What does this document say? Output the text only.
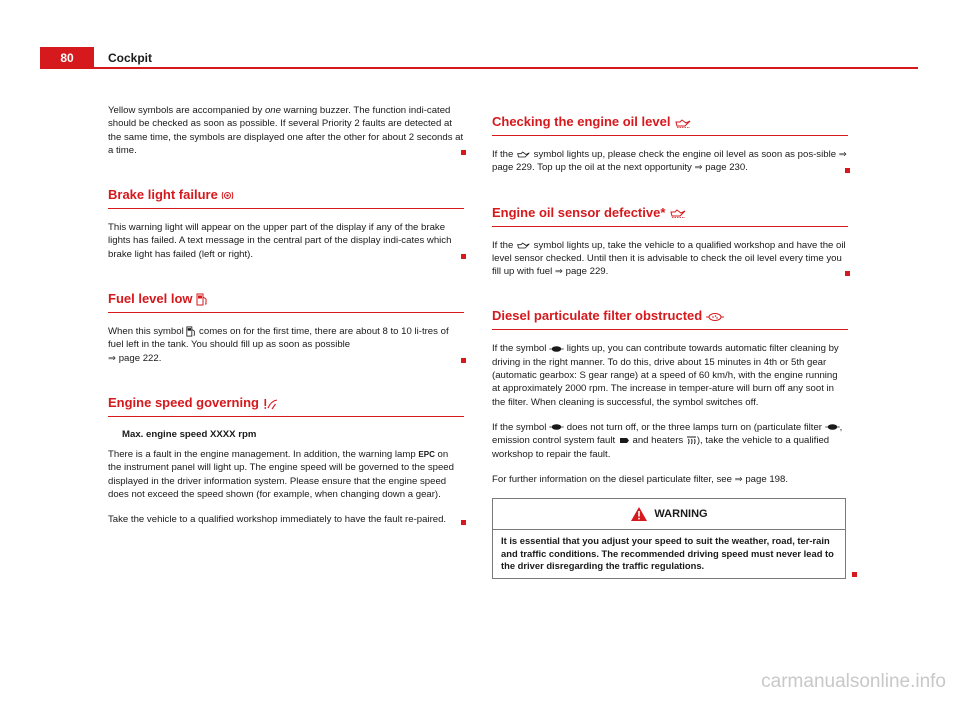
80	Cockpit

Yellow symbols are accompanied by one warning buzzer. The function indi-cated should be checked as soon as possible. If several Priority 2 faults are detected at the same time, the symbols are displayed one after the other for about 2 seconds at a time.

Brake light failure

This warning light will appear on the upper part of the display if any of the brake lights has failed. A text message in the central part of the display indi-cates which brake light has failed (left or right).

Fuel level low

When this symbol  comes on for the first time, there are about 8 to 10 li-tres of fuel left in the tank. You should fill up as soon as possible
⇒ page 222.

Engine speed governing
Max. engine speed XXXX rpm

There is a fault in the engine management. In addition, the warning lamp EPC on the instrument panel will light up. The engine speed will be governed to the speed displayed in the driver information system. Please ensure that the engine speed does not exceed the speed shown (for example, when changing down a gear).

Take the vehicle to a qualified workshop immediately to have the fault re-paired.

Checking the engine oil level

If the  symbol lights up, please check the engine oil level as soon as pos-sible ⇒ page 229. Top up the oil at the next opportunity ⇒ page 230.

Engine oil sensor defective*

If the  symbol lights up, take the vehicle to a qualified workshop and have the oil level sensor checked. Until then it is advisable to check the oil level every time you fill up with fuel ⇒ page 229.

Diesel particulate filter obstructed

If the symbol  lights up, you can contribute towards automatic filter cleaning by driving in the right manner. To do this, drive about 15 minutes in 4th or 5th gear (automatic gearbox: S gear range) at a speed of 60 km/h, with the engine running at approximately 2000 rpm. The increase in temper-ature will burn off any soot in the filter. When cleaning is successful, the symbol switches off.

If the symbol  does not turn off, or the three lamps turn on (particulate filter , emission control system fault  and heaters ), take the vehicle to a qualified workshop to repair the fault.

For further information on the diesel particulate filter, see ⇒ page 198.

WARNING
It is essential that you adjust your speed to suit the weather, road, ter-rain and traffic conditions. The recommended driving speed must never lead to the driver disregarding the traffic regulations.
carmanualsonline.info
